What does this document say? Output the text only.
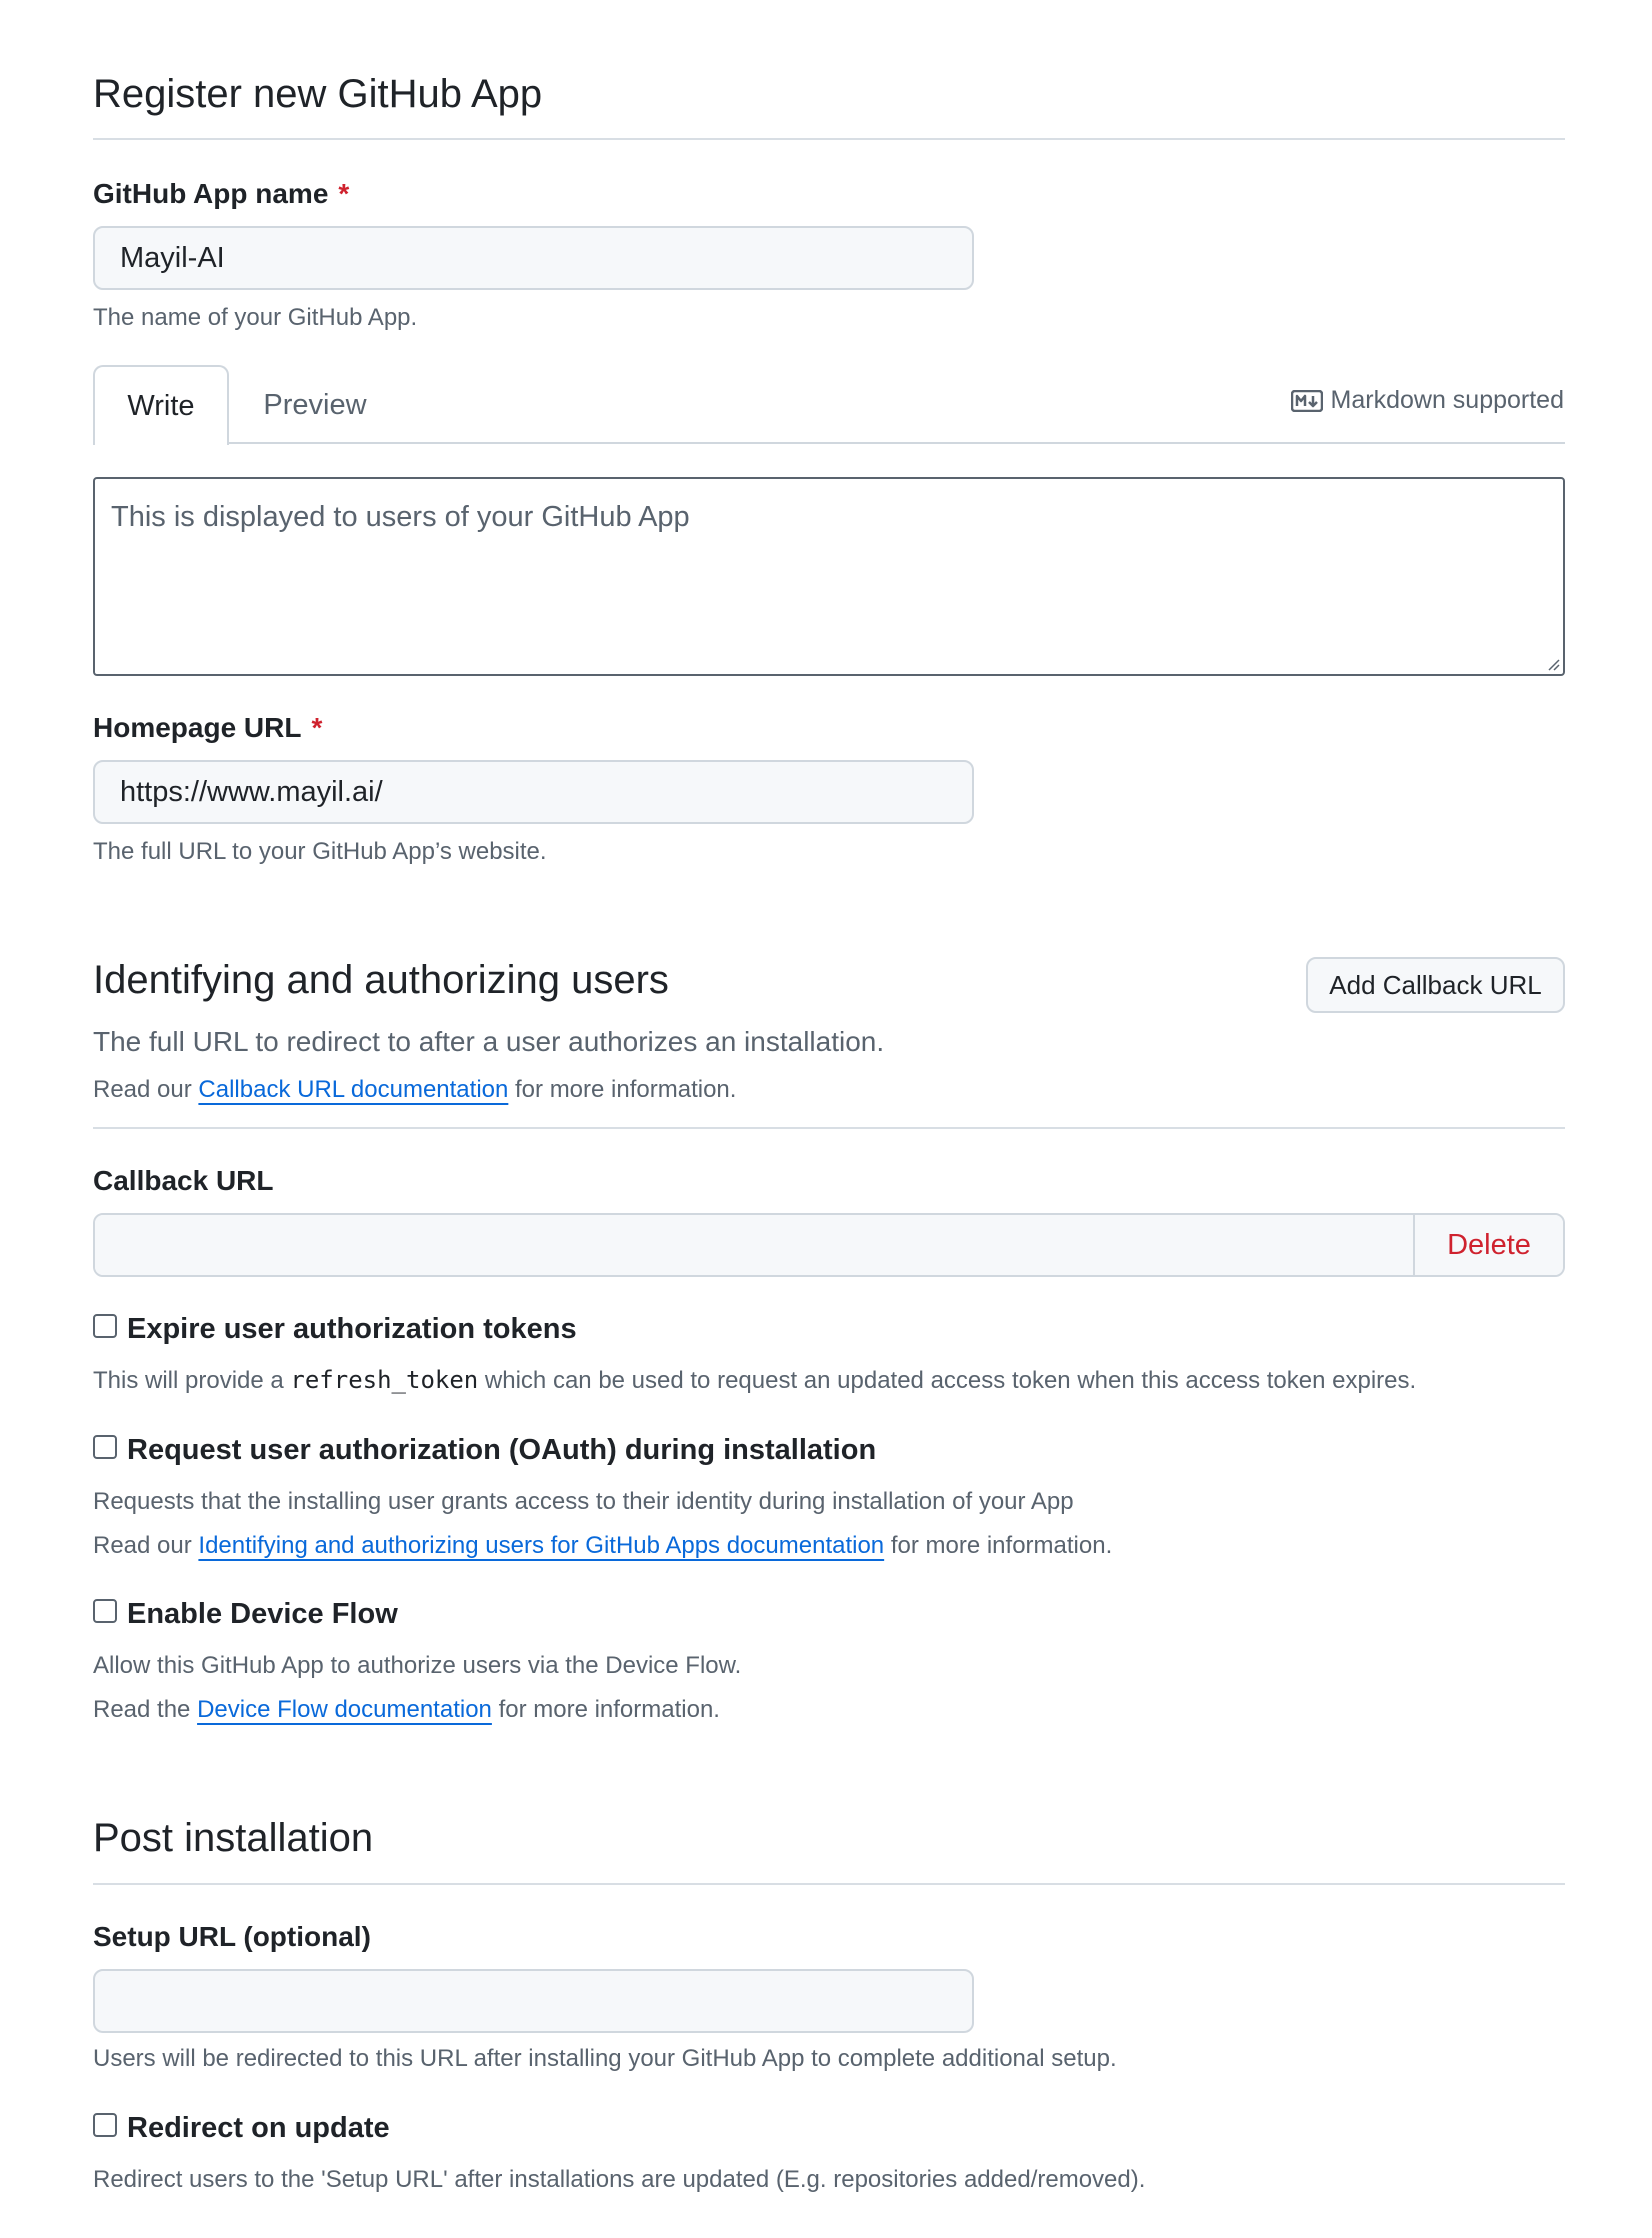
Register new GitHub App
GitHub App name *
Mayil-AI
The name of your GitHub App.
Write Preview	Markdown supported
This is displayed to users of your GitHub App
Homepage URL *
https://www.mayil.ai/
The full URL to your GitHub App’s website.
Identifying and authorizing users	Add Callback URL
The full URL to redirect to after a user authorizes an installation.
Read our Callback URL documentation for more information.
Callback URL
Delete
Expire user authorization tokens
This will provide a refresh_token which can be used to request an updated access token when this access token expires.
Request user authorization (OAuth) during installation
Requests that the installing user grants access to their identity during installation of your App
Read our Identifying and authorizing users for GitHub Apps documentation for more information.
Enable Device Flow
Allow this GitHub App to authorize users via the Device Flow.
Read the Device Flow documentation for more information.
Post installation
Setup URL (optional)
Users will be redirected to this URL after installing your GitHub App to complete additional setup.
Redirect on update
Redirect users to the 'Setup URL' after installations are updated (E.g. repositories added/removed).
